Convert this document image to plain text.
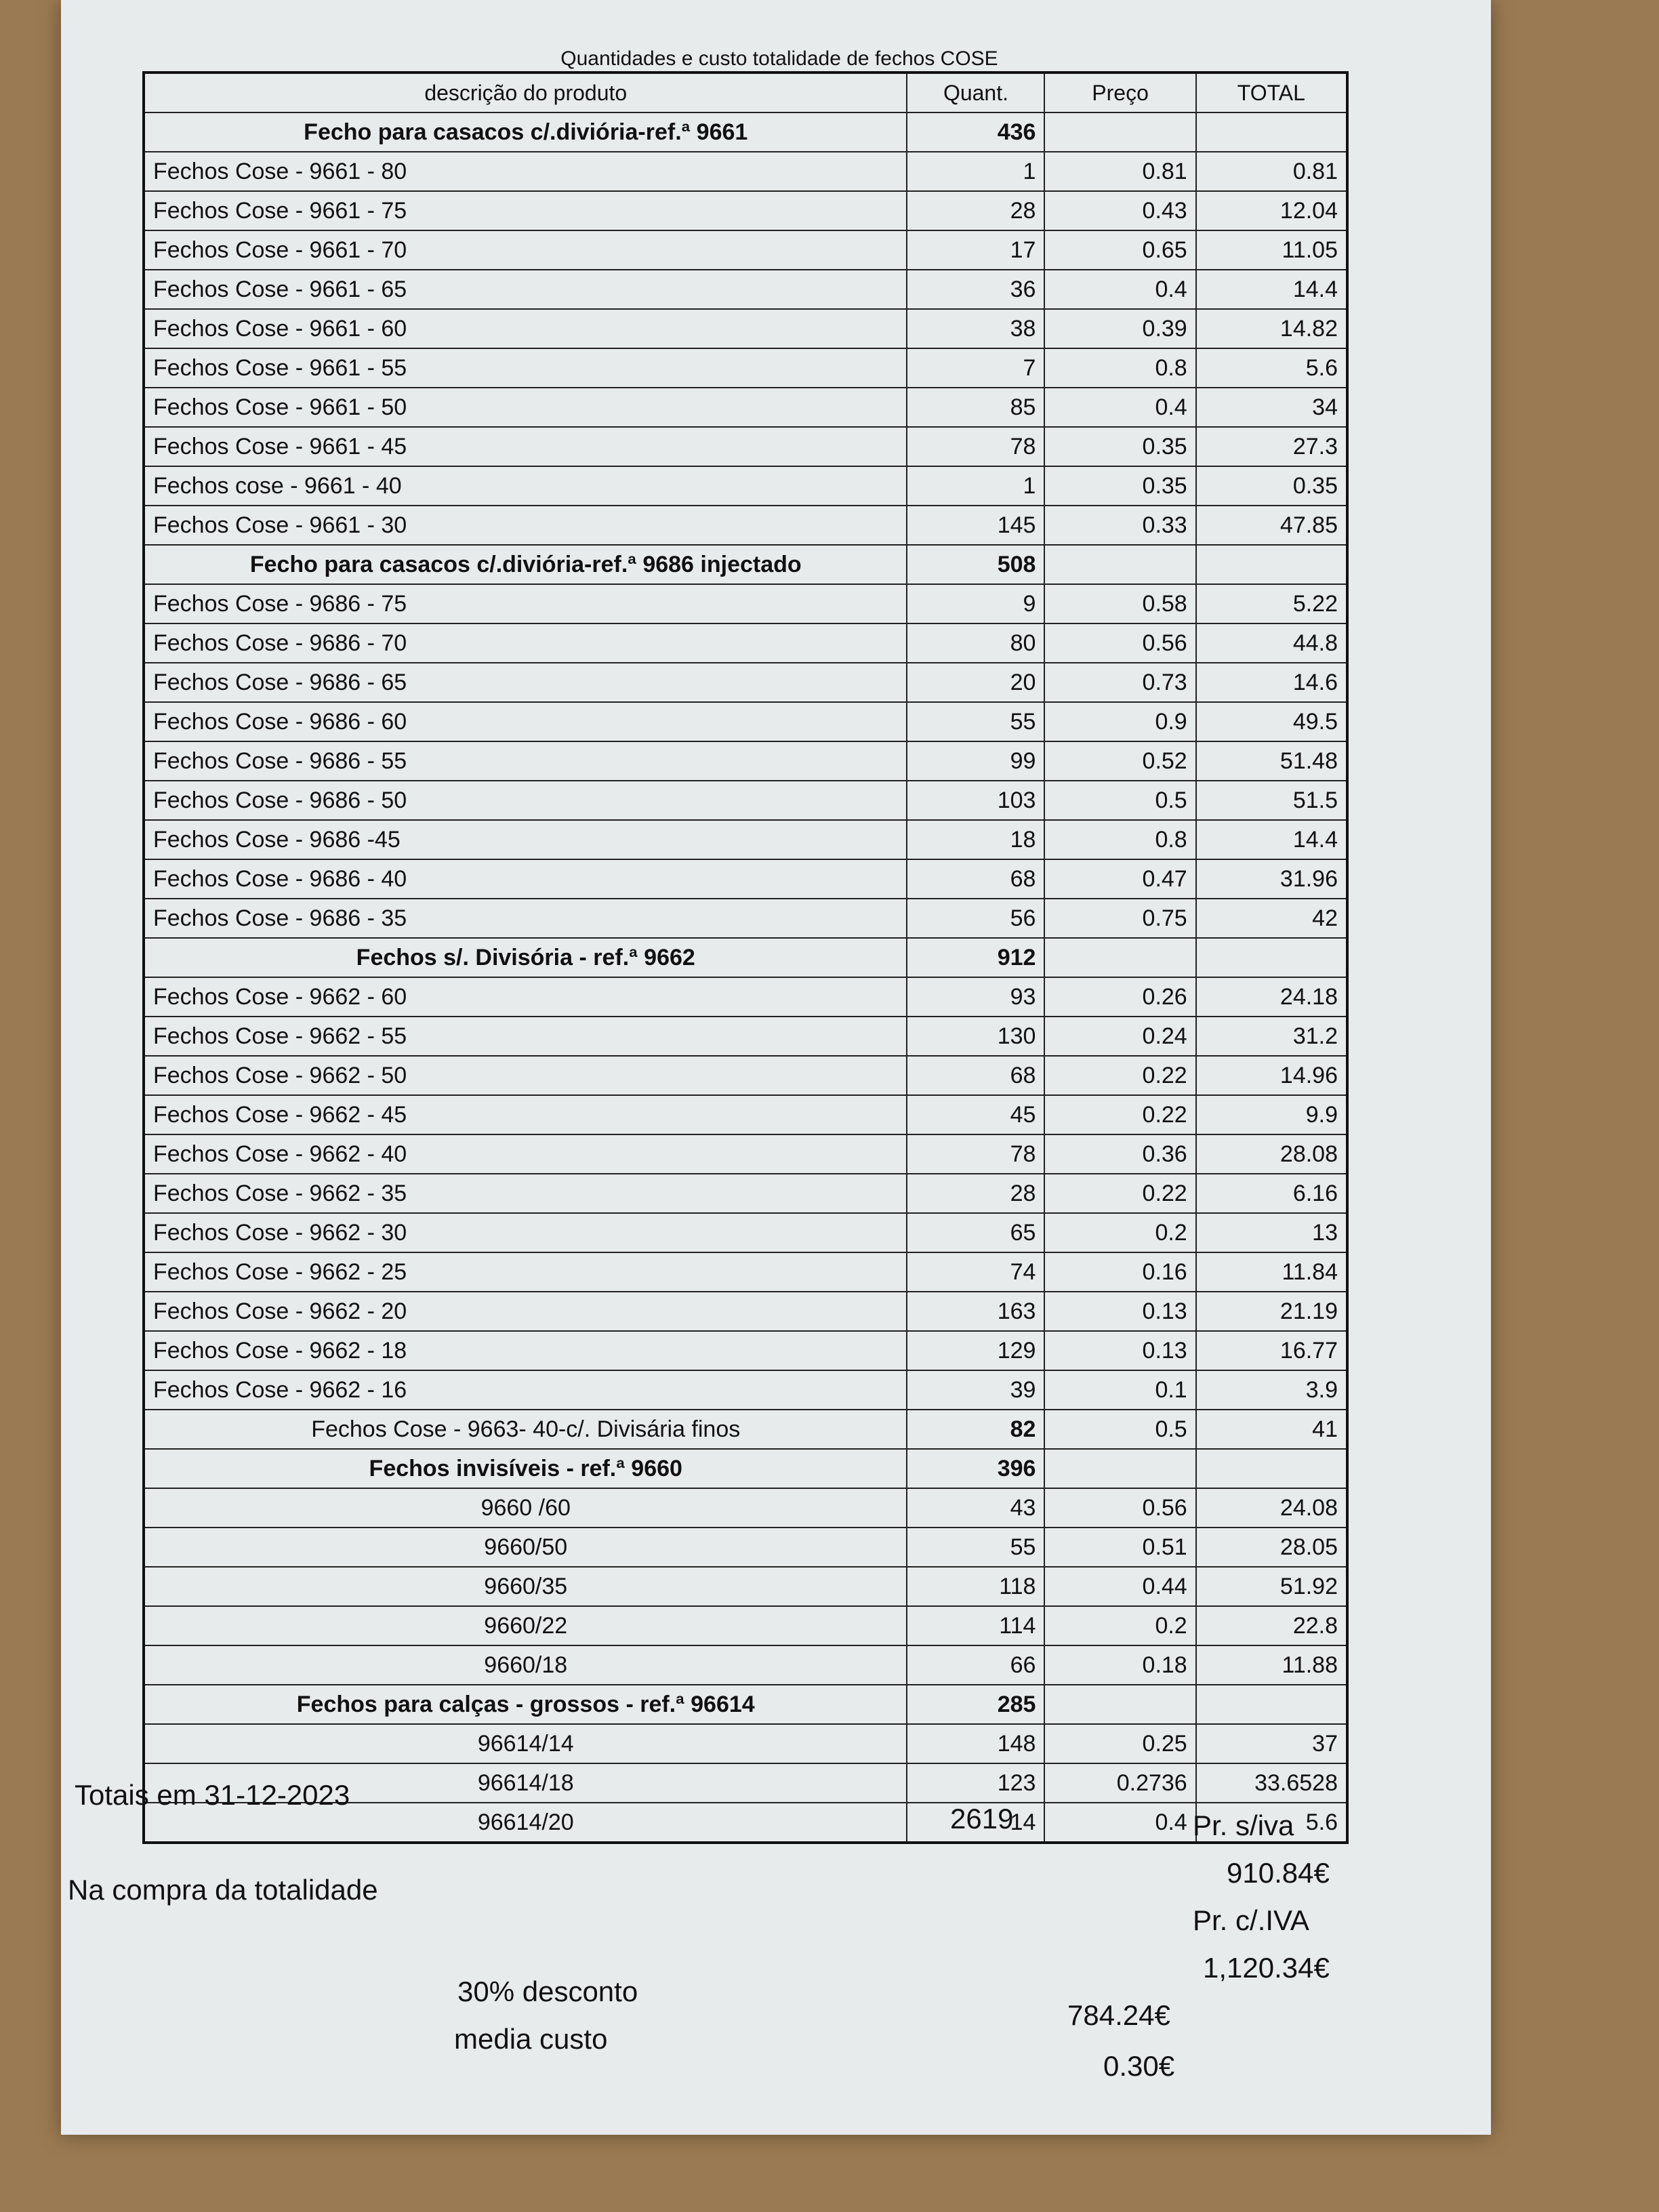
Quantidades e custo totalidade de fechos COSE
descrição do produto	Quant.	Preço	TOTAL
Fecho para casacos c/.diviória-ref.ª 9661	436		
Fechos Cose - 9661 - 80	1	0.81	0.81
Fechos Cose - 9661 - 75	28	0.43	12.04
Fechos Cose - 9661 - 70	17	0.65	11.05
Fechos Cose - 9661 - 65	36	0.4	14.4
Fechos Cose - 9661 - 60	38	0.39	14.82
Fechos Cose - 9661 - 55	7	0.8	5.6
Fechos Cose - 9661 - 50	85	0.4	34
Fechos Cose - 9661 - 45	78	0.35	27.3
Fechos cose - 9661 - 40	1	0.35	0.35
Fechos Cose - 9661 - 30	145	0.33	47.85
Fecho para casacos c/.diviória-ref.ª 9686 injectado	508		
Fechos Cose - 9686 - 75	9	0.58	5.22
Fechos Cose - 9686 - 70	80	0.56	44.8
Fechos Cose - 9686 - 65	20	0.73	14.6
Fechos Cose - 9686 - 60	55	0.9	49.5
Fechos Cose - 9686 - 55	99	0.52	51.48
Fechos Cose - 9686 - 50	103	0.5	51.5
Fechos Cose - 9686 -45	18	0.8	14.4
Fechos Cose - 9686 - 40	68	0.47	31.96
Fechos Cose - 9686 - 35	56	0.75	42
Fechos s/. Divisória - ref.ª 9662	912		
Fechos Cose - 9662 - 60	93	0.26	24.18
Fechos Cose - 9662 - 55	130	0.24	31.2
Fechos Cose - 9662 - 50	68	0.22	14.96
Fechos Cose - 9662 - 45	45	0.22	9.9
Fechos Cose - 9662 - 40	78	0.36	28.08
Fechos Cose - 9662 - 35	28	0.22	6.16
Fechos Cose - 9662 - 30	65	0.2	13
Fechos Cose - 9662 - 25	74	0.16	11.84
Fechos Cose - 9662 - 20	163	0.13	21.19
Fechos Cose - 9662 - 18	129	0.13	16.77
Fechos Cose - 9662 - 16	39	0.1	3.9
Fechos Cose - 9663- 40-c/. Divisária finos	82	0.5	41
Fechos invisíveis - ref.ª 9660	396		
9660 /60	43	0.56	24.08
9660/50	55	0.51	28.05
9660/35	118	0.44	51.92
9660/22	114	0.2	22.8
9660/18	66	0.18	11.88
Fechos para calças - grossos - ref.ª 96614	285		
96614/14	148	0.25	37
96614/18	123	0.2736	33.6528
96614/20	14	0.4	5.6
Totais em 31-12-2023
2619	Pr. s/iva
910.84€
Na compra da totalidade
Pr. c/.IVA
1,120.34€
30% desconto
784.24€
media custo
0.30€
